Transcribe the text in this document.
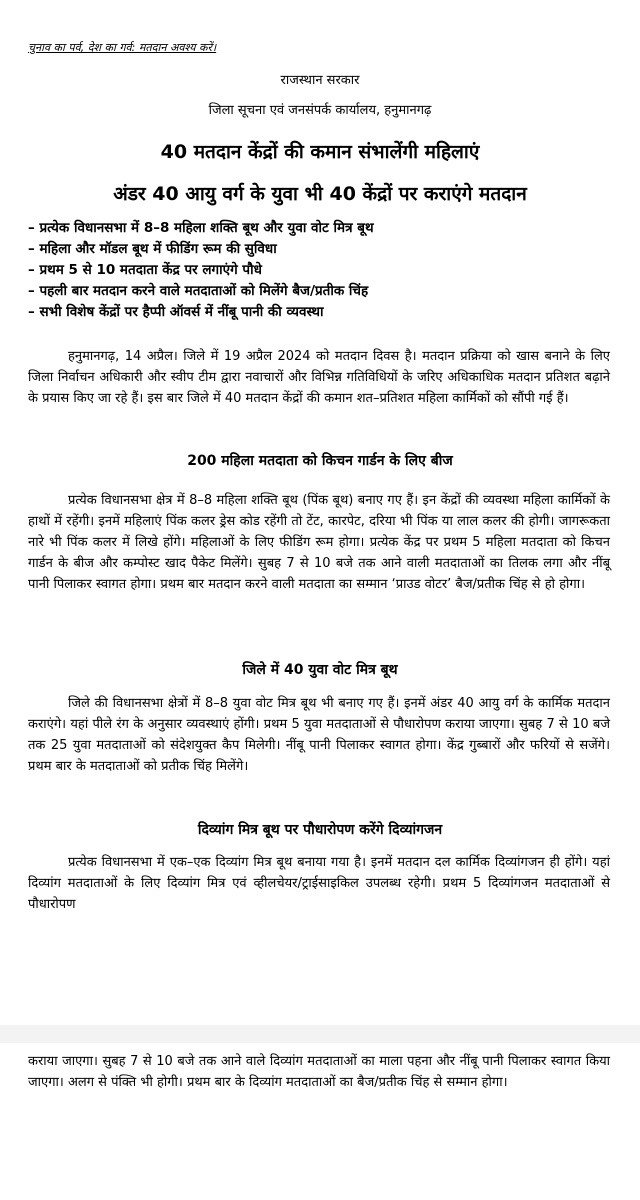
चुनाव का पर्व, देश का गर्व: मतदान अवश्य करें।
राजस्थान सरकार
जिला सूचना एवं जनसंपर्क कार्यालय, हनुमानगढ़
40 मतदान केंद्रों की कमान संभालेंगी महिलाएं
अंडर 40 आयु वर्ग के युवा भी 40 केंद्रों पर कराएंगे मतदान
– प्रत्येक विधानसभा में 8–8 महिला शक्ति बूथ और युवा वोट मित्र बूथ
– महिला और मॉडल बूथ में फीडिंग रूम की सुविधा
– प्रथम 5 से 10 मतदाता केंद्र पर लगाएंगे पौधे
– पहली बार मतदान करने वाले मतदाताओं को मिलेंगे बैज/प्रतीक चिंह
– सभी विशेष केंद्रों पर हैप्पी ऑवर्स में नींबू पानी की व्यवस्था

हनुमानगढ़, 14 अप्रैल। जिले में 19 अप्रैल 2024 को मतदान दिवस है। मतदान प्रक्रिया को खास बनाने के लिए जिला निर्वाचन अधिकारी और स्वीप टीम द्वारा नवाचारों और विभिन्न गतिविधियों के जरिए अधिकाधिक मतदान प्रतिशत बढ़ाने के प्रयास किए जा रहे हैं। इस बार जिले में 40 मतदान केंद्रों की कमान शत–प्रतिशत महिला कार्मिकों को सौंपी गई हैं।

200 महिला मतदाता को किचन गार्डन के लिए बीज

प्रत्येक विधानसभा क्षेत्र में 8–8 महिला शक्ति बूथ (पिंक बूथ) बनाए गए हैं। इन केंद्रों की व्यवस्था महिला कार्मिकों के हाथों में रहेंगी। इनमें महिलाएं पिंक कलर ड्रेस कोड रहेंगी तो टेंट, कारपेट, दरिया भी पिंक या लाल कलर की होगी। जागरूकता नारे भी पिंक कलर में लिखे होंगे। महिलाओं के लिए फीडिंग रूम होगा। प्रत्येक केंद्र पर प्रथम 5 महिला मतदाता को किचन गार्डन के बीज और कम्पोस्ट खाद पैकेट मिलेंगे। सुबह 7 से 10 बजे तक आने वाली मतदाताओं का तिलक लगा और नींबू पानी पिलाकर स्वागत होगा। प्रथम बार मतदान करने वाली मतदाता का सम्मान ‘प्राउड वोटर’ बैज/प्रतीक चिंह से हो होगा।

जिले में 40 युवा वोट मित्र बूथ

जिले की विधानसभा क्षेत्रों में 8–8 युवा वोट मित्र बूथ भी बनाए गए हैं। इनमें अंडर 40 आयु वर्ग के कार्मिक मतदान कराएंगे। यहां पीले रंग के अनुसार व्यवस्थाएं होंगी। प्रथम 5 युवा मतदाताओं से पौधारोपण कराया जाएगा। सुबह 7 से 10 बजे तक 25 युवा मतदाताओं को संदेशयुक्त कैप मिलेगी। नींबू पानी पिलाकर स्वागत होगा। केंद्र गुब्बारों और फरियों से सजेंगे। प्रथम बार के मतदाताओं को प्रतीक चिंह मिलेंगे।

दिव्यांग मित्र बूथ पर पौधारोपण करेंगे दिव्यांगजन

प्रत्येक विधानसभा में एक–एक दिव्यांग मित्र बूथ बनाया गया है। इनमें मतदान दल कार्मिक दिव्यांगजन ही होंगे। यहां दिव्यांग मतदाताओं के लिए दिव्यांग मित्र एवं व्हीलचेयर/ट्राईसाइकिल उपलब्ध रहेगी। प्रथम 5 दिव्यांगजन मतदाताओं से पौधारोपण

कराया जाएगा। सुबह 7 से 10 बजे तक आने वाले दिव्यांग मतदाताओं का माला पहना और नींबू पानी पिलाकर स्वागत किया जाएगा। अलग से पंक्ति भी होगी। प्रथम बार के दिव्यांग मतदाताओं का बैज/प्रतीक चिंह से सम्मान होगा।
